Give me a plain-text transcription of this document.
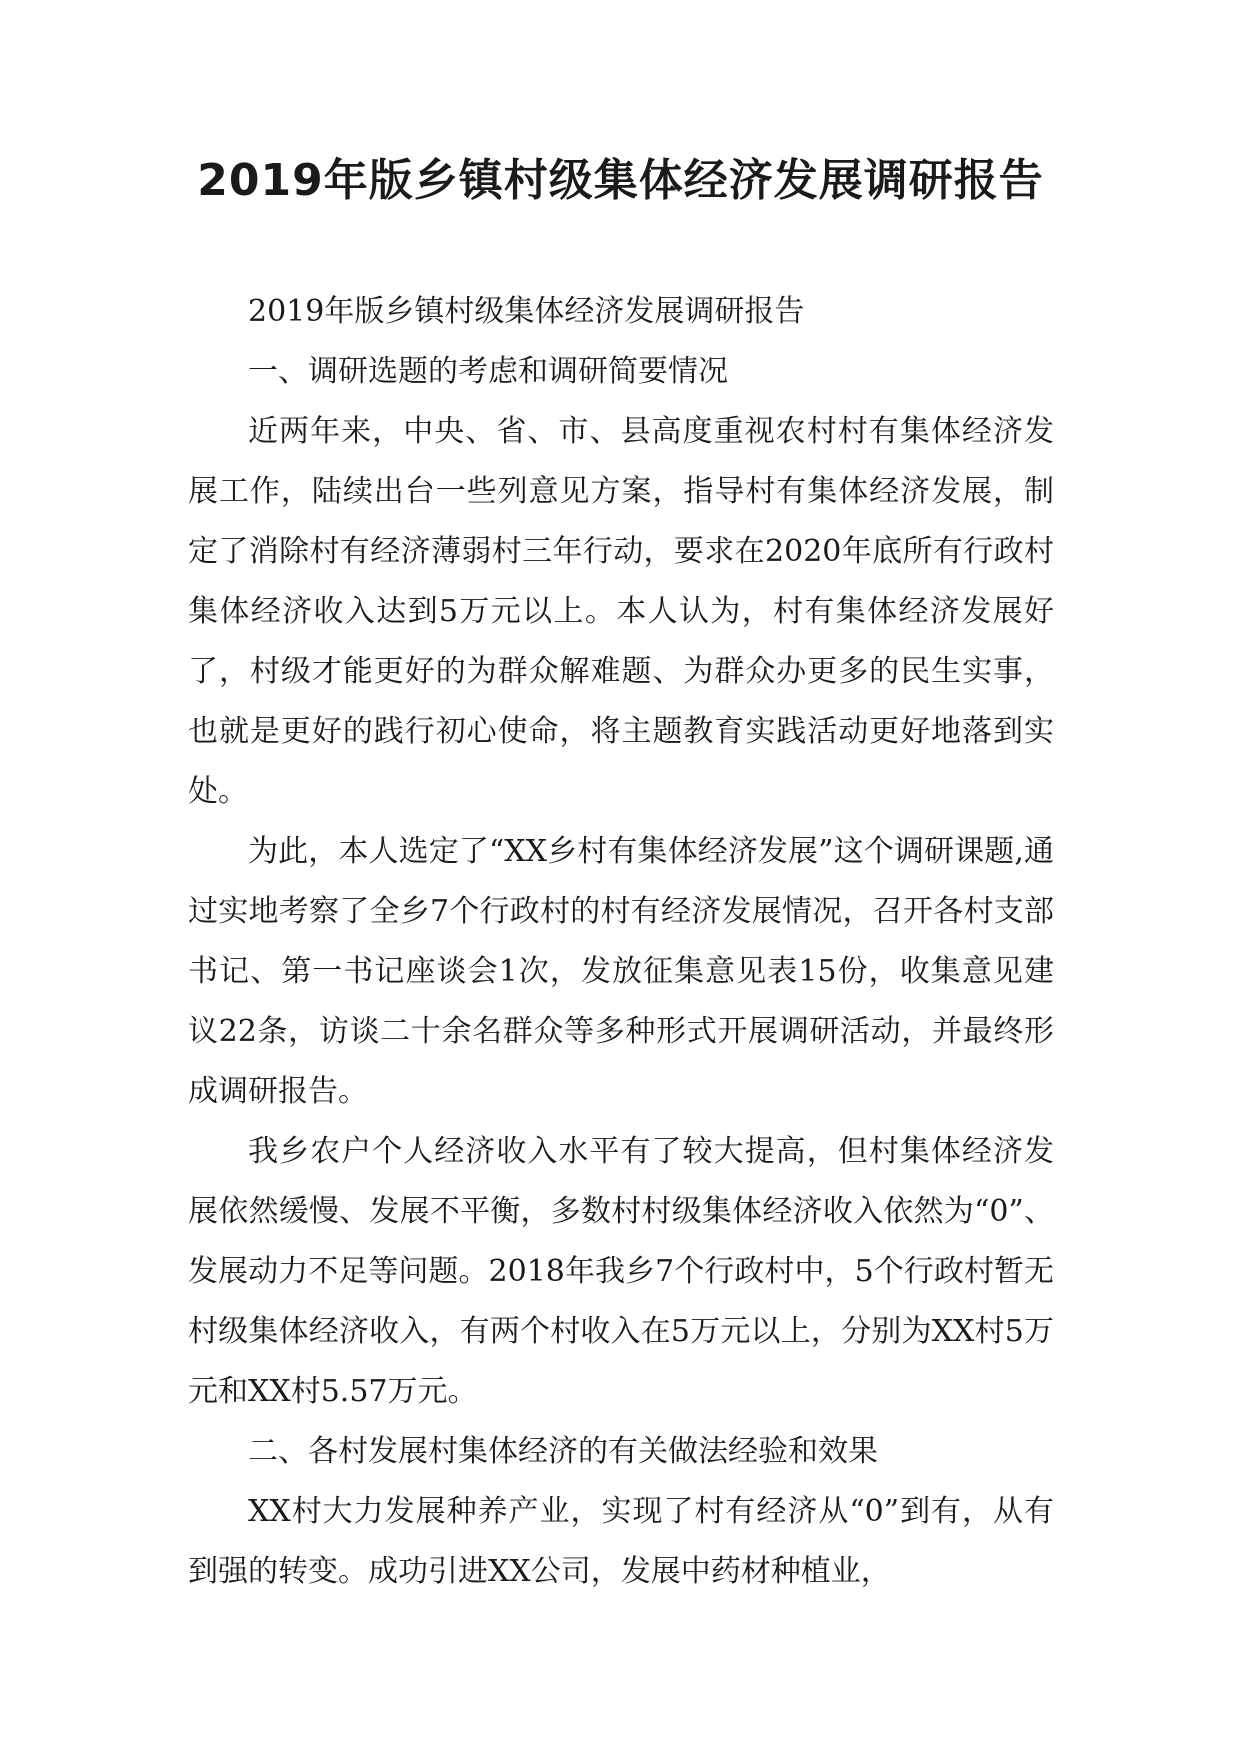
2019年版乡镇村级集体经济发展调研报告

2019年版乡镇村级集体经济发展调研报告

一、调研选题的考虑和调研简要情况

近两年来，中央、省、市、县高度重视农村村有集体经济发展工作，陆续出台一些列意见方案，指导村有集体经济发展，制定了消除村有经济薄弱村三年行动，要求在2020年底所有行政村集体经济收入达到5万元以上。本人认为，村有集体经济发展好了，村级才能更好的为群众解难题、为群众办更多的民生实事，也就是更好的践行初心使命，将主题教育实践活动更好地落到实处。

为此，本人选定了“XX乡村有集体经济发展”这个调研课题,通过实地考察了全乡7个行政村的村有经济发展情况，召开各村支部书记、第一书记座谈会1次，发放征集意见表15份，收集意见建议22条，访谈二十余名群众等多种形式开展调研活动，并最终形成调研报告。

我乡农户个人经济收入水平有了较大提高，但村集体经济发展依然缓慢、发展不平衡，多数村村级集体经济收入依然为“0”、发展动力不足等问题。2018年我乡7个行政村中，5个行政村暂无村级集体经济收入，有两个村收入在5万元以上，分别为XX村5万元和XX村5.57万元。

二、各村发展村集体经济的有关做法经验和效果

XX村大力发展种养产业，实现了村有经济从“0”到有，从有到强的转变。成功引进XX公司，发展中药材种植业，
